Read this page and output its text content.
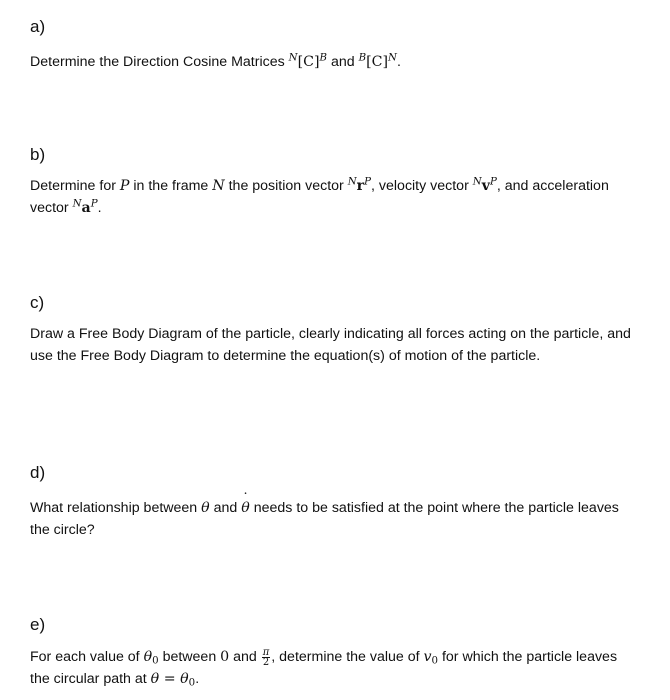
a)

Determine the Direction Cosine Matrices $^N[C]^B$ and $^B[C]^N$.

b)

Determine for P in the frame N the position vector $^Nr^P$, velocity vector $^Nv^P$, and acceleration vector $^Na^P$.

c)

Draw a Free Body Diagram of the particle, clearly indicating all forces acting on the particle, and use the Free Body Diagram to determine the equation(s) of motion of the particle.

d)

What relationship between θ and ˙ θ needs to be satisfied at the point where the particle leaves the circle?

e)

For each value of $\theta_0$ between 0 and $\frac{\pi}{2}$ , determine the value of $v_0$ for which the particle leaves the circular path at $\theta = \theta_0$.
